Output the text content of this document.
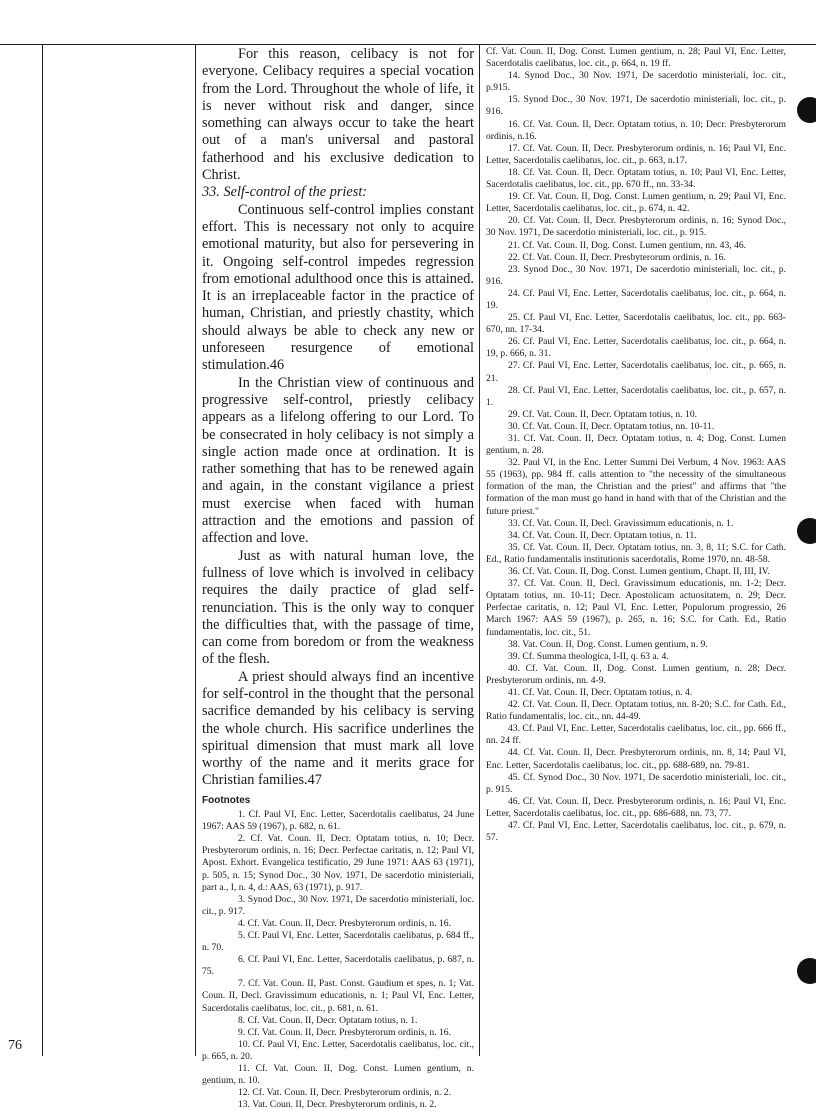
For this reason, celibacy is not for everyone. Celibacy requires a special vocation from the Lord. Throughout the whole of life, it is never without risk and danger, since something can always occur to take the heart out of a man's universal and pastoral fatherhood and his exclusive dedication to Christ.

33. Self-control of the priest:

Continuous self-control implies constant effort. This is necessary not only to acquire emotional maturity, but also for persevering in it. Ongoing self-control impedes regression from emotional adulthood once this is attained. It is an irreplaceable factor in the practice of human, Christian, and priestly chastity, which should always be able to check any new or unforeseen resurgence of emotional stimulation.46

In the Christian view of continuous and progressive self-control, priestly celibacy appears as a lifelong offering to our Lord. To be consecrated in holy celibacy is not simply a single action made once at ordination. It is rather something that has to be renewed again and again, in the constant vigilance a priest must exercise when faced with human attraction and the emotions and passion of affection and love.

Just as with natural human love, the fullness of love which is involved in celibacy requires the daily practice of glad self-renunciation. This is the only way to conquer the difficulties that, with the passage of time, can come from boredom or from the weakness of the flesh.

A priest should always find an incentive for self-control in the thought that the personal sacrifice demanded by his celibacy is serving the whole church. His sacrifice underlines the spiritual dimension that must mark all love worthy of the name and it merits grace for Christian families.47

Footnotes

1. Cf. Paul VI, Enc. Letter, Sacerdotalis caelibatus, 24 June 1967: AAS 59 (1967), p. 682, n. 61.

2. Cf. Vat. Coun. II, Decr. Optatam totius, n. 10; Decr. Presbyterorum ordinis, n. 16; Decr. Perfectae caritatis, n. 12; Paul VI, Apost. Exhort. Evangelica testificatio, 29 June 1971: AAS 63 (1971), p. 505, n. 15; Synod Doc., 30 Nov. 1971, De sacerdotio ministeriali, part a., I, n. 4, d.: AAS, 63 (1971), p. 917.

3. Synod Doc., 30 Nov. 1971, De sacerdotio ministeriali, loc. cit., p. 917.

4. Cf. Vat. Coun. II, Decr. Presbyterorum ordinis, n. 16.

5. Cf. Paul VI, Enc. Letter, Sacerdotalis caelibatus, p. 684 ff., n. 70.

6. Cf. Paul VI, Enc. Letter, Sacerdotalis caelibatus, p. 687, n. 75.

7. Cf. Vat. Coun. II, Past. Const. Gaudium et spes, n. 1; Vat. Coun. II, Decl. Gravissimum educationis, n. 1; Paul VI, Enc. Letter, Sacerdotalis caelibatus, loc. cit., p. 681, n. 61.

8. Cf. Vat. Coun. II, Decr. Optatam totius, n. 1.

9. Cf. Vat. Coun. II, Decr. Presbyterorum ordinis, n. 16.

10. Cf. Paul VI, Enc. Letter, Sacerdotalis caelibatus, loc. cit., p. 665, n. 20.

11. Cf. Vat. Coun. II, Dog. Const. Lumen gentium, n. gentium, n. 10.

12. Cf. Vat. Coun. II, Decr. Presbyterorum ordinis, n. 2.

13. Vat. Coun. II, Decr. Presbyterorum ordinis, n. 2.

Cf. Vat. Coun. II, Dog. Const. Lumen gentium, n. 28; Paul VI, Enc. Letter, Sacerdotalis caelibatus, loc. cit., p. 664, n. 19 ff.

14. Synod Doc., 30 Nov. 1971, De sacerdotio ministeriali, loc. cit., p.915.

15. Synod Doc., 30 Nov. 1971, De sacerdotio ministeriali, loc. cit., p. 916.

16. Cf. Vat. Coun. II, Decr. Optatam totius, n. 10; Decr. Presbyterorum ordinis, n.16.

17. Cf. Vat. Coun. II, Decr. Presbyterorum ordinis, n. 16; Paul VI, Enc. Letter, Sacerdotalis caelibatus, loc. cit., p. 663, n.17.

18. Cf. Vat. Coun. II, Decr. Optatam totius, n. 10; Paul VI, Enc. Letter, Sacerdotalis caelibatus, loc. cit., pp. 670 ff., nn. 33-34.

19. Cf. Vat. Coun. II, Dog. Const. Lumen gentium, n. 29; Paul VI, Enc. Letter, Sacerdotalis caelibatus, loc. cit., p. 674, n. 42.

20. Cf. Vat. Coun. II, Decr. Presbyterorum ordinis, n. 16; Synod Doc., 30 Nov. 1971, De sacerdotio ministeriali, loc. cit., p. 915.

21. Cf. Vat. Coun. II, Dog. Const. Lumen gentium, nn. 43, 46.

22. Cf. Vat. Coun. II, Decr. Presbyterorum ordinis, n. 16.

23. Synod Doc., 30 Nov. 1971, De sacerdotio ministeriali, loc. cit., p. 916.

24. Cf. Paul VI, Enc. Letter, Sacerdotalis caelibatus, loc. cit., p. 664, n. 19.

25. Cf. Paul VI, Enc. Letter, Sacerdotalis caelibatus, loc. cit., pp. 663-670, nn. 17-34.

26. Cf. Paul VI, Enc. Letter, Sacerdotalis caelibatus, loc. cit., p. 664, n. 19, p. 666, n. 31.

27. Cf. Paul VI, Enc. Letter, Sacerdotalis caelibatus, loc. cit., p. 665, n. 21.

28. Cf. Paul VI, Enc. Letter, Sacerdotalis caelibatus, loc. cit., p. 657, n. 1.

29. Cf. Vat. Coun. II, Decr. Optatam totius, n. 10.

30. Cf. Vat. Coun. II, Decr. Optatam totius, nn. 10-11.

31. Cf. Vat. Coun. II, Decr. Optatam totius, n. 4; Dog. Const. Lumen gentium, n. 28.

32. Paul VI, in the Enc. Letter Summi Dei Verbum, 4 Nov. 1963: AAS 55 (1963), pp. 984 ff. calls attention to "the necessity of the simultaneous formation of the man, the Christian and the priest" and affirms that "the formation of the man must go hand in hand with that of the Christian and the future priest."

33. Cf. Vat. Coun. II, Decl. Gravissimum educationis, n. 1.

34. Cf. Vat. Coun. II, Decr. Optatam totius, n. 11.

35. Cf. Vat. Coun. II, Decr. Optatam totius, nn. 3, 8, 11; S.C. for Cath. Ed., Ratio fundamentalis institutionis sacerdotalis, Rome 1970, nn. 48-58.

36. Cf. Vat. Coun. II, Dog. Const. Lumen gentium, Chapt. II, III, IV.

37. Cf. Vat. Coun. II, Decl. Gravissimum educationis, nn. 1-2; Decr. Optatam totius, nn. 10-11; Decr. Apostolicam actuositatem, n. 29; Decr. Perfectae caritatis, n. 12; Paul VI, Enc. Letter, Populorum progressio, 26 March 1967: AAS 59 (1967), p. 265, n. 16; S.C. for Cath. Ed., Ratio fundamentalis, loc. cit., 51.

38. Vat. Coun. II, Dog. Const. Lumen gentium, n. 9.

39. Cf. Summa theologica, I-II, q. 63 a. 4.

40. Cf. Vat. Coun. II, Dog. Const. Lumen gentium, n. 28; Decr. Presbyterorum ordinis, nn. 4-9.

41. Cf. Vat. Coun. II, Decr. Optatam totius, n. 4.

42. Cf. Vat. Coun. II, Decr. Optatam totius, nn. 8-20; S.C. for Cath. Ed., Ratio fundamentalis, loc. cit., nn. 44-49.

43. Cf. Paul VI, Enc. Letter, Sacerdotalis caelibatus, loc. cit., pp. 666 ff., nn. 24 ff.

44. Cf. Vat. Coun. II, Decr. Presbyterorum ordinis, nn. 8, 14; Paul VI, Enc. Letter, Sacerdotalis caelibatus, loc. cit., pp. 688-689, nn. 79-81.

45. Cf. Synod Doc., 30 Nov. 1971, De sacerdotio ministeriali, loc. cit., p. 915.

46. Cf. Vat. Coun. II, Decr. Presbyterorum ordinis, n. 16; Paul VI, Enc. Letter, Sacerdotalis caelibatus, loc. cit., pp. 686-688, nn. 73, 77.

47. Cf. Paul VI, Enc. Letter, Sacerdotalis caelibatus, loc. cit., p. 679, n. 57.

76
